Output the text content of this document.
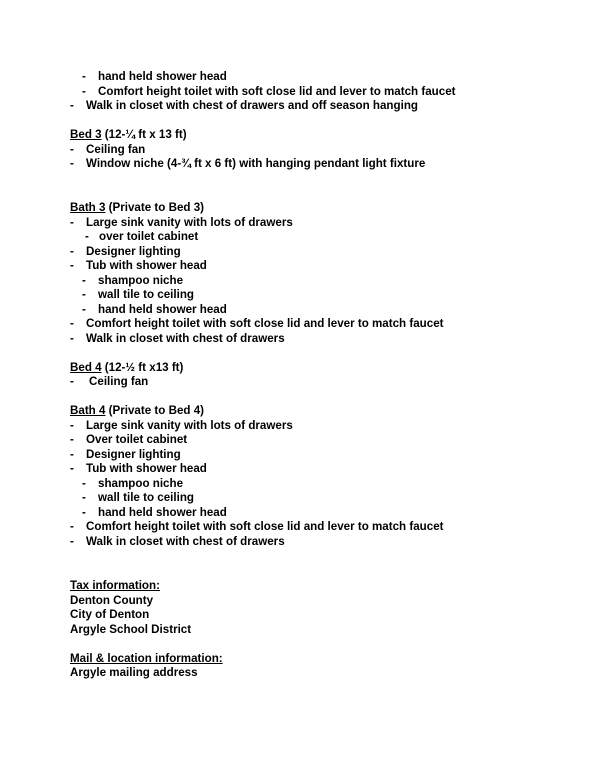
- hand held shower head
- Comfort height toilet with soft close lid and lever to match faucet
- Walk in closet with chest of drawers and off season hanging
Bed 3 (12-¼ ft x 13 ft)
- Ceiling fan
- Window niche (4-¾ ft x 6 ft) with hanging pendant light fixture
Bath 3 (Private to Bed 3)
- Large sink vanity with lots of drawers
- over toilet cabinet
- Designer lighting
- Tub with shower head
- shampoo niche
- wall tile to ceiling
- hand held shower head
- Comfort height toilet with soft close lid and lever to match faucet
- Walk in closet with chest of drawers
Bed 4 (12-½ ft x13 ft)
- Ceiling fan
Bath 4 (Private to Bed 4)
- Large sink vanity with lots of drawers
- Over toilet cabinet
- Designer lighting
- Tub with shower head
- shampoo niche
- wall tile to ceiling
- hand held shower head
- Comfort height toilet with soft close lid and lever to match faucet
- Walk in closet with chest of drawers
Tax information:
Denton County
City of Denton
Argyle School District
Mail & location information:
Argyle mailing address
